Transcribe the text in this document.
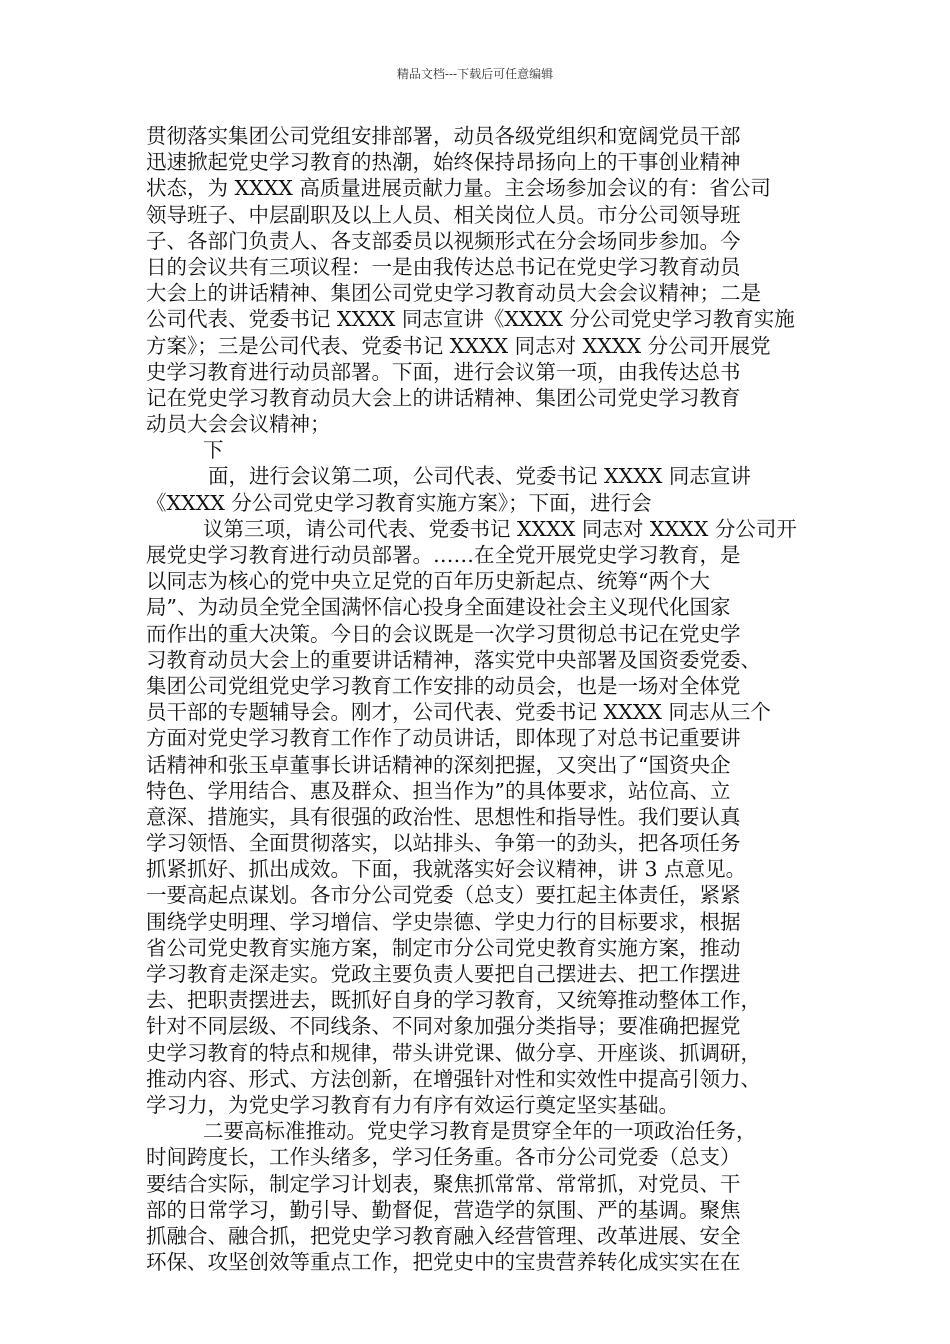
精品文档---下载后可任意编辑
贯彻落实集团公司党组安排部署，动员各级党组织和宽阔党员干部
迅速掀起党史学习教育的热潮，始终保持昂扬向上的干事创业精神
状态，为 XXXX 高质量进展贡献力量。主会场参加会议的有：省公司
领导班子、中层副职及以上人员、相关岗位人员。市分公司领导班
子、各部门负责人、各支部委员以视频形式在分会场同步参加。今
日的会议共有三项议程：一是由我传达总书记在党史学习教育动员
大会上的讲话精神、集团公司党史学习教育动员大会会议精神；二是
公司代表、党委书记 XXXX 同志宣讲《XXXX 分公司党史学习教育实施
方案》；三是公司代表、党委书记 XXXX 同志对 XXXX 分公司开展党
史学习教育进行动员部署。下面，进行会议第一项，由我传达总书
记在党史学习教育动员大会上的讲话精神、集团公司党史学习教育
动员大会会议精神；
下
面，进行会议第二项，公司代表、党委书记 XXXX 同志宣讲
《XXXX 分公司党史学习教育实施方案》；下面，进行会
议第三项，请公司代表、党委书记 XXXX 同志对 XXXX 分公司开
展党史学习教育进行动员部署。……在全党开展党史学习教育，是
以同志为核心的党中央立足党的百年历史新起点、统筹“两个大
局”、为动员全党全国满怀信心投身全面建设社会主义现代化国家
而作出的重大决策。今日的会议既是一次学习贯彻总书记在党史学
习教育动员大会上的重要讲话精神，落实党中央部署及国资委党委、
集团公司党组党史学习教育工作安排的动员会，也是一场对全体党
员干部的专题辅导会。刚才，公司代表、党委书记 XXXX 同志从三个
方面对党史学习教育工作作了动员讲话，即体现了对总书记重要讲
话精神和张玉卓董事长讲话精神的深刻把握，又突出了“国资央企
特色、学用结合、惠及群众、担当作为”的具体要求，站位高、立
意深、措施实，具有很强的政治性、思想性和指导性。我们要认真
学习领悟、全面贯彻落实，以站排头、争第一的劲头，把各项任务
抓紧抓好、抓出成效。下面，我就落实好会议精神，讲 3 点意见。
一要高起点谋划。各市分公司党委（总支）要扛起主体责任，紧紧
围绕学史明理、学习增信、学史崇德、学史力行的目标要求，根据
省公司党史教育实施方案，制定市分公司党史教育实施方案，推动
学习教育走深走实。党政主要负责人要把自己摆进去、把工作摆进
去、把职责摆进去，既抓好自身的学习教育，又统筹推动整体工作，
针对不同层级、不同线条、不同对象加强分类指导；要准确把握党
史学习教育的特点和规律，带头讲党课、做分享、开座谈、抓调研，
推动内容、形式、方法创新，在增强针对性和实效性中提高引领力、
学习力，为党史学习教育有力有序有效运行奠定坚实基础。
二要高标准推动。党史学习教育是贯穿全年的一项政治任务，
时间跨度长，工作头绪多，学习任务重。各市分公司党委（总支）
要结合实际，制定学习计划表，聚焦抓常常、常常抓，对党员、干
部的日常学习，勤引导、勤督促，营造学的氛围、严的基调。聚焦
抓融合、融合抓，把党史学习教育融入经营管理、改革进展、安全
环保、攻坚创效等重点工作，把党史中的宝贵营养转化成实实在在
